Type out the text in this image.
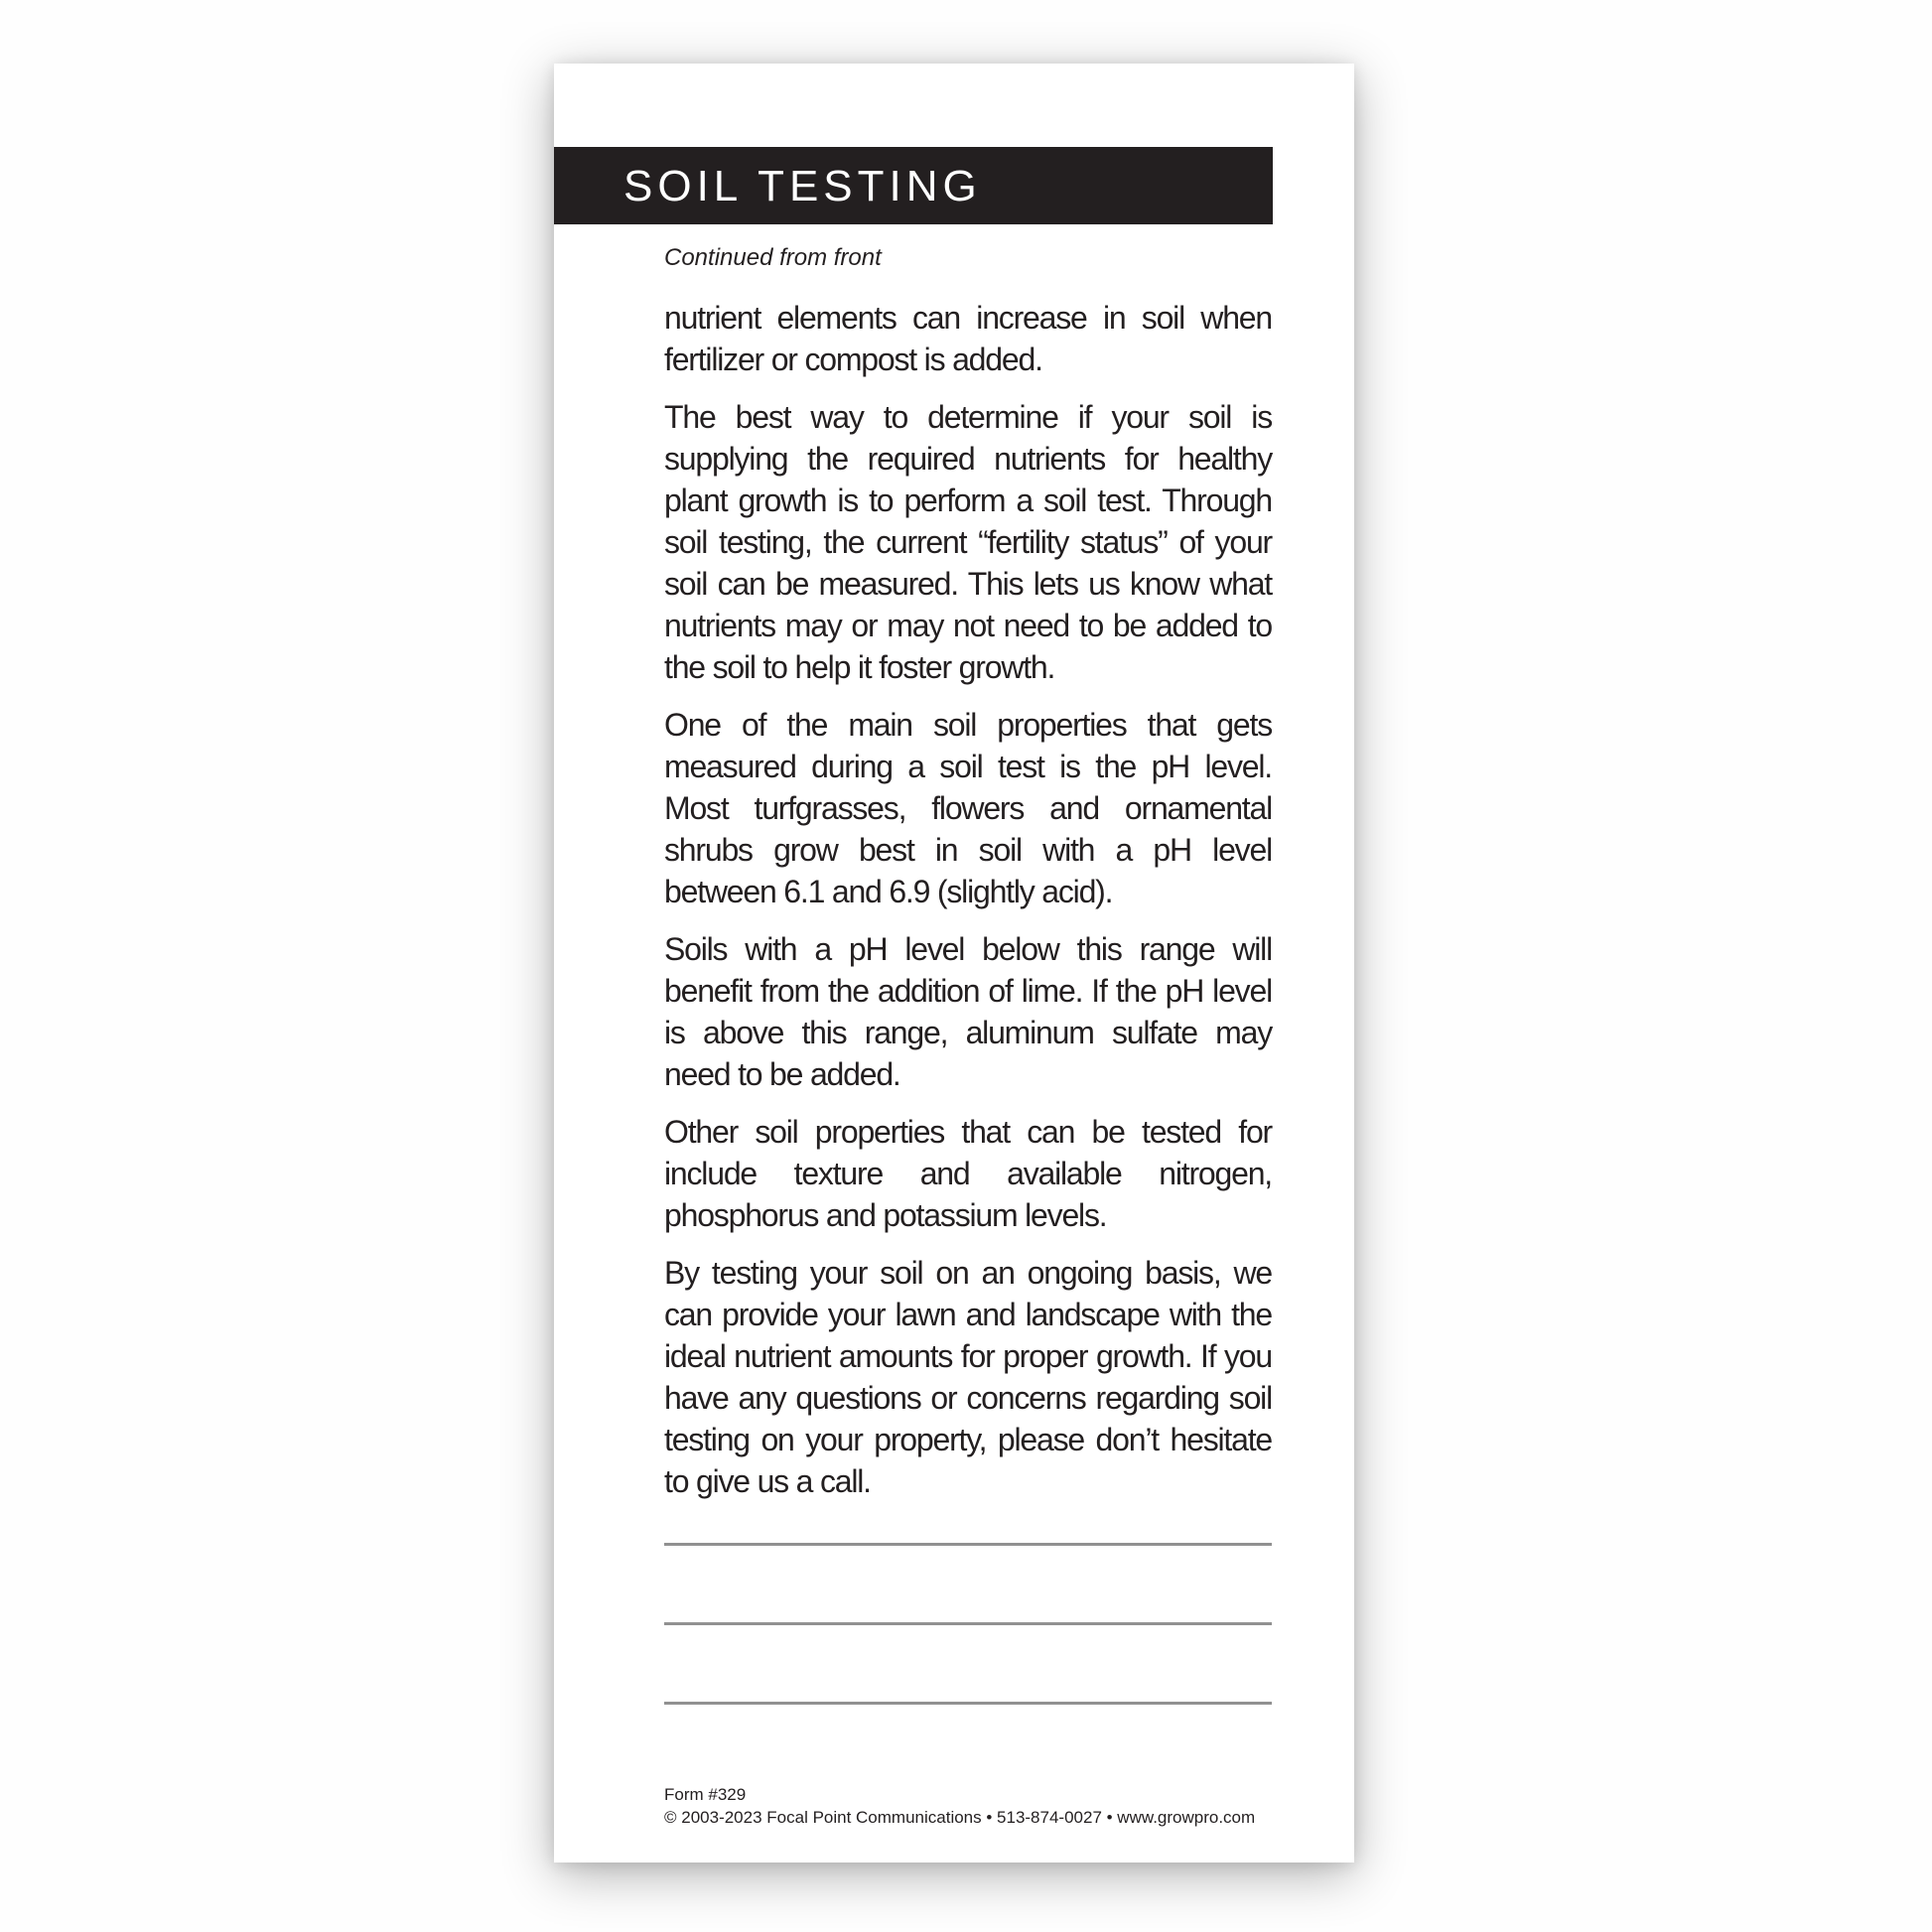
SOIL TESTING

Continued from front

nutrient elements can increase in soil when fertilizer or compost is added.

The best way to determine if your soil is supplying the required nutrients for healthy plant growth is to perform a soil test. Through soil testing, the current “fertility status” of your soil can be measured. This lets us know what nutrients may or may not need to be added to the soil to help it foster growth.

One of the main soil properties that gets measured during a soil test is the pH level. Most turfgrasses, flowers and ornamental shrubs grow best in soil with a pH level between 6.1 and 6.9 (slightly acid).

Soils with a pH level below this range will benefit from the addition of lime. If the pH level is above this range, aluminum sulfate may need to be added.

Other soil properties that can be tested for include texture and available nitrogen, phosphorus and potassium levels.

By testing your soil on an ongoing basis, we can provide your lawn and landscape with the ideal nutrient amounts for proper growth. If you have any questions or concerns regarding soil testing on your property, please don’t hesitate to give us a call.

Form #329
© 2003-2023 Focal Point Communications • 513-874-0027 • www.growpro.com
